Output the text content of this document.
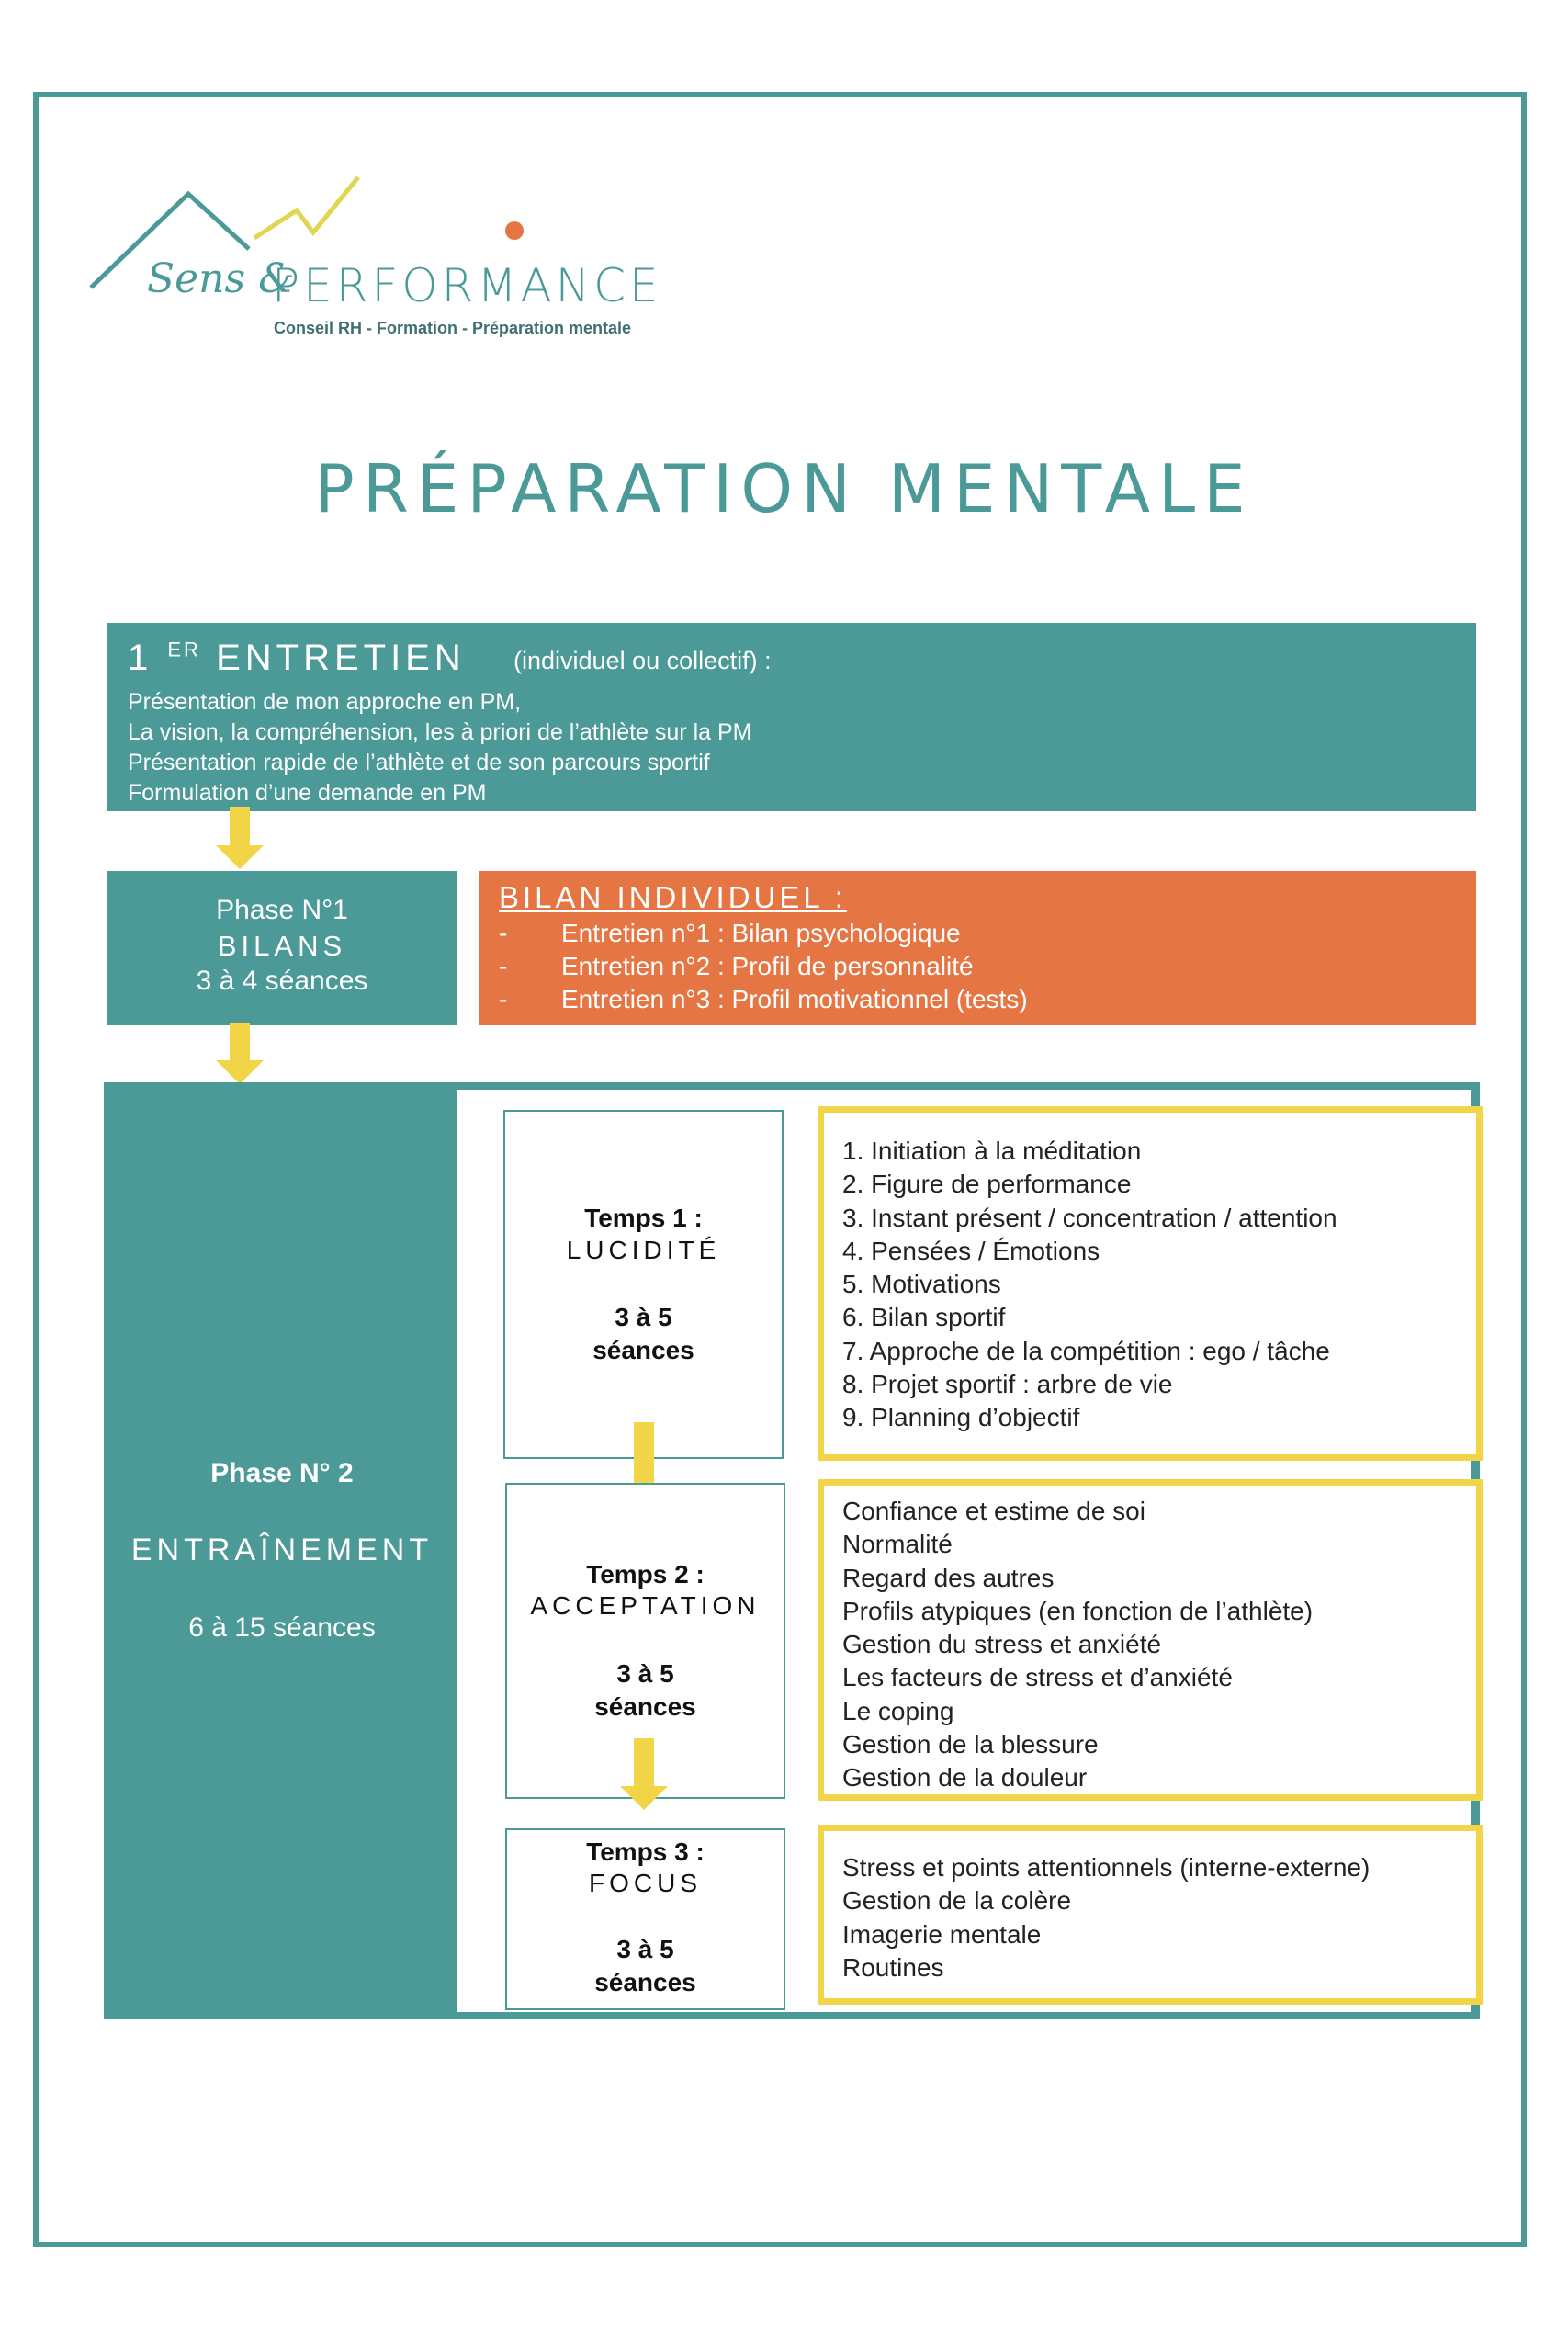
Sens &
PERFORMANCE
Conseil RH - Formation - Préparation mentale
PRÉPARATION MENTALE
1 $^{ER}$ ENTRETIEN (individuel ou collectif) :
Présentation de mon approche en PM,
La vision, la compréhension, les à priori de l’athlète sur la PM
Présentation rapide de l’athlète et de son parcours sportif
Formulation d’une demande en PM
Phase N°1
BILANS
3 à 4 séances
BILAN INDIVIDUEL :
- Entretien n°1 : Bilan psychologique
- Entretien n°2 : Profil de personnalité
- Entretien n°3 : Profil motivationnel (tests)
Phase N° 2
ENTRAÎNEMENT
6 à 15 séances
Temps 1 :
LUCIDITÉ
3 à 5
séances
1. Initiation à la méditation
2. Figure de performance
3. Instant présent / concentration / attention
4. Pensées / Émotions
5. Motivations
6. Bilan sportif
7. Approche de la compétition : ego / tâche
8. Projet sportif : arbre de vie
9. Planning d’objectif
Temps 2 :
ACCEPTATION
3 à 5
séances
Confiance et estime de soi
Normalité
Regard des autres
Profils atypiques (en fonction de l’athlète)
Gestion du stress et anxiété
Les facteurs de stress et d’anxiété
Le coping
Gestion de la blessure
Gestion de la douleur
Temps 3 :
FOCUS
3 à 5
séances
Stress et points attentionnels (interne-externe)
Gestion de la colère
Imagerie mentale
Routines
